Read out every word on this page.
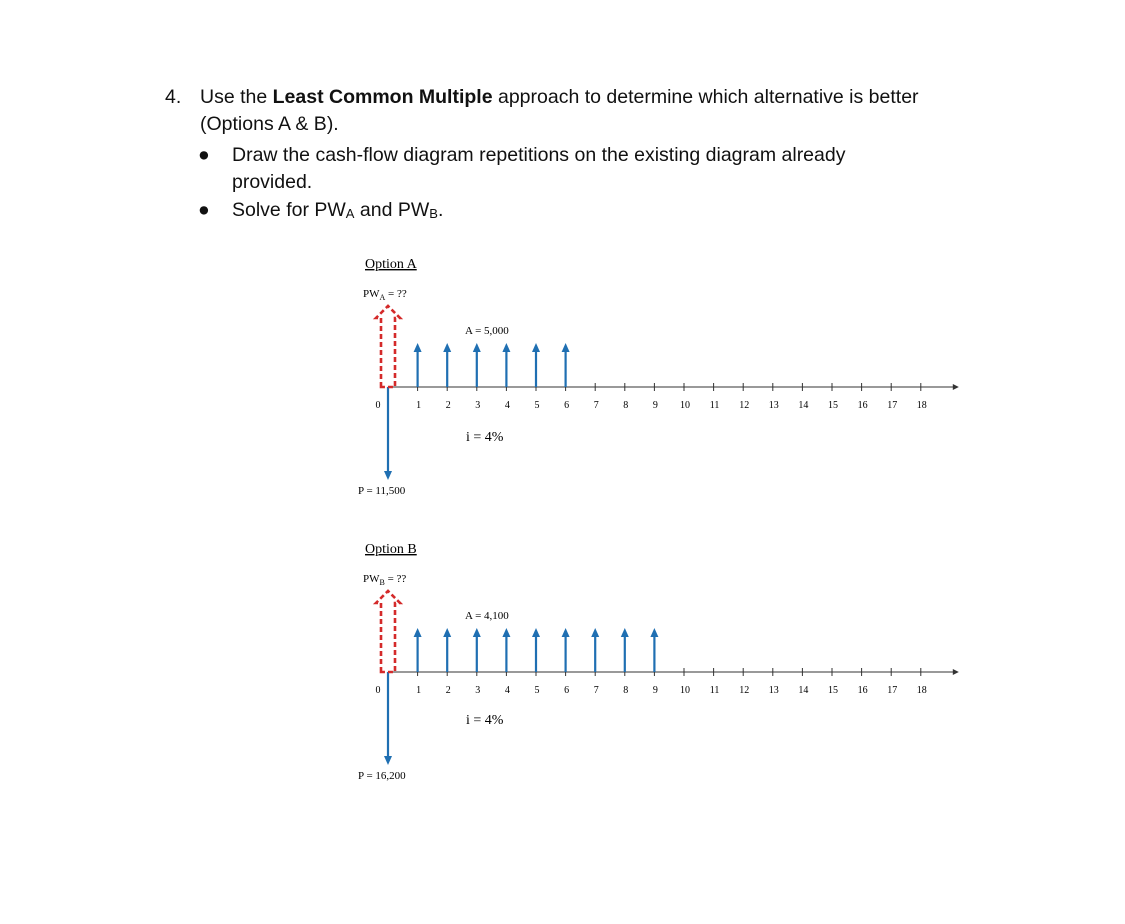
4. Use the Least Common Multiple approach to determine which alternative is better (Options A & B).
● Draw the cash-flow diagram repetitions on the existing diagram already provided.
● Solve for $PW_A$ and $PW_B$.
Option A
$PW_A$ = ??
0	1 2 3 4 5 6 7 8 9 10 11 12 13 14 15 16 17 18
A = 5,000
i = 4%
P = 11,500
Option B
$PW_B$ = ??
0	1 2 3 4 5 6 7 8 9 10 11 12 13 14 15 16 17 18
A = 4,100
i = 4%
P = 16,200
